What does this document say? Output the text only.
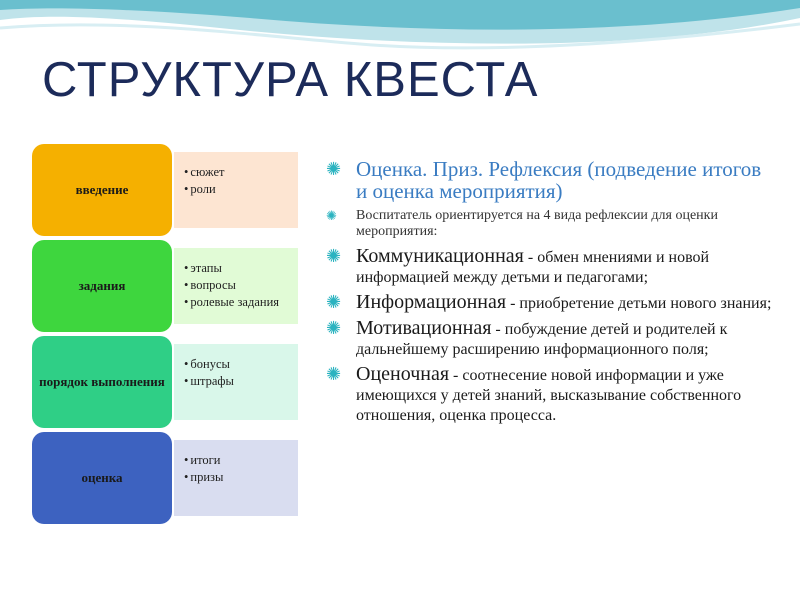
СТРУКТУРА КВЕСТА
введение
• сюжет
• роли
задания
• этапы
• вопросы
• ролевые задания
порядок выполнения
• бонусы
• штрафы
оценка
• итоги
• призы
✺ Оценка. Приз. Рефлексия (подведение итогов и оценка мероприятия)
✺ Воспитатель ориентируется на 4 вида рефлексии для оценки мероприятия:
✺ Коммуникационная - обмен мнениями и новой информацией между детьми и педагогами;
✺ Информационная - приобретение детьми нового знания;
✺ Мотивационная - побуждение детей и родителей к дальнейшему расширению информационного поля;
✺ Оценочная - соотнесение новой информации и уже имеющихся у детей знаний, высказывание собственного отношения, оценка процесса.
